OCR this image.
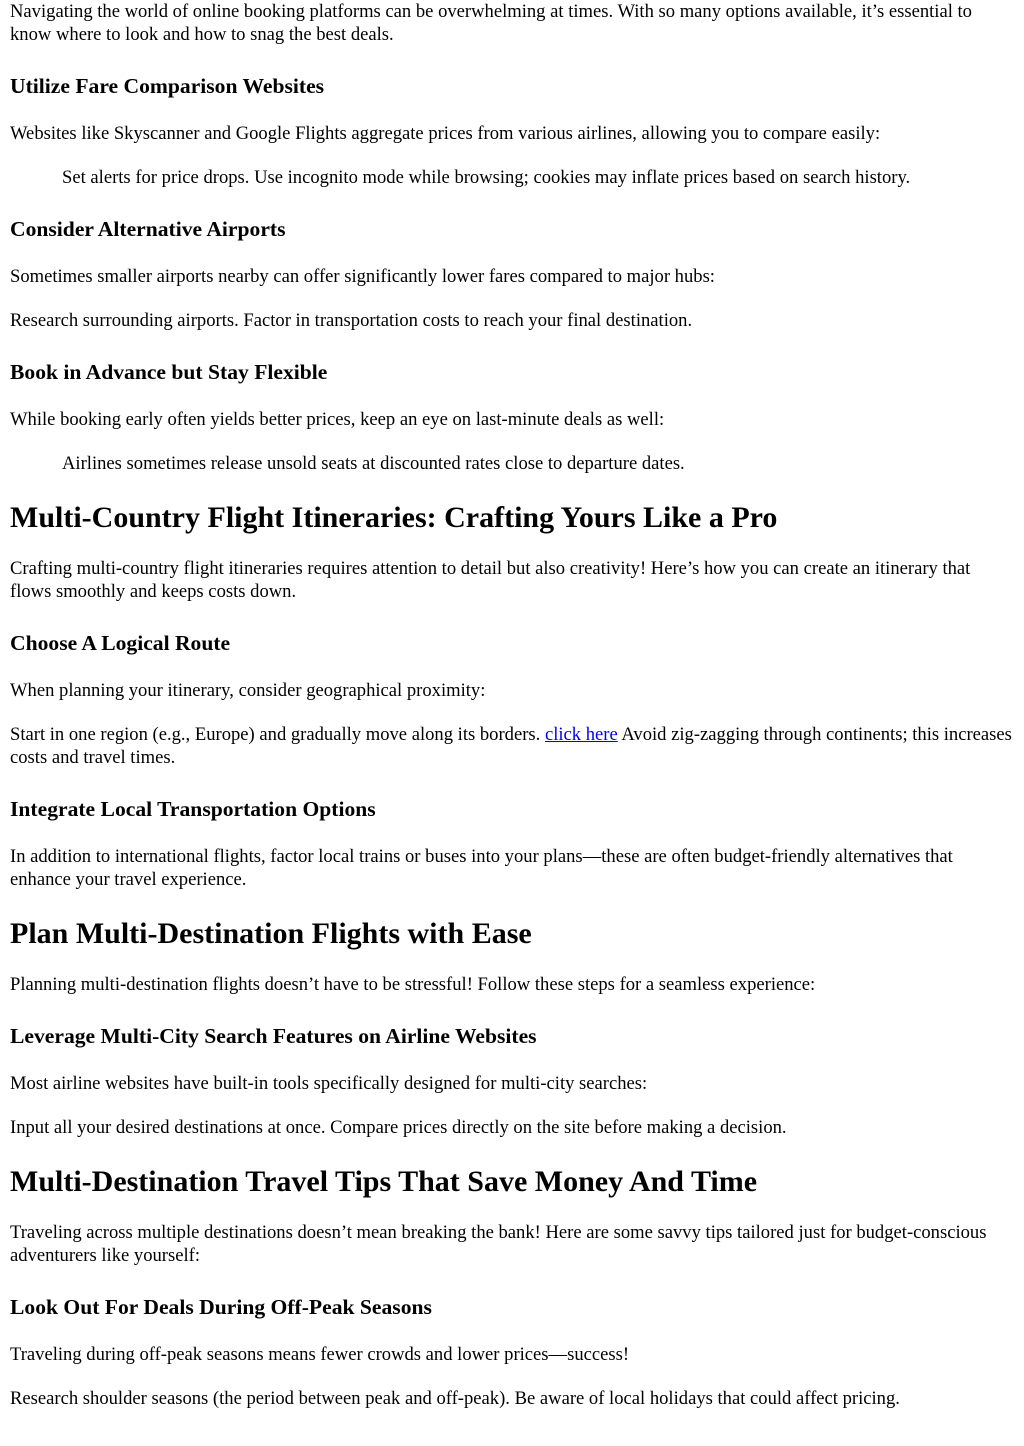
Navigating the world of online booking platforms can be overwhelming at times. With so many options available, it’s essential to know where to look and how to snag the best deals.

Utilize Fare Comparison Websites

Websites like Skyscanner and Google Flights aggregate prices from various airlines, allowing you to compare easily:

Set alerts for price drops. Use incognito mode while browsing; cookies may inflate prices based on search history.
Consider Alternative Airports

Sometimes smaller airports nearby can offer significantly lower fares compared to major hubs:

Research surrounding airports. Factor in transportation costs to reach your final destination.

Book in Advance but Stay Flexible

While booking early often yields better prices, keep an eye on last-minute deals as well:

Airlines sometimes release unsold seats at discounted rates close to departure dates.
Multi-Country Flight Itineraries: Crafting Yours Like a Pro

Crafting multi-country flight itineraries requires attention to detail but also creativity! Here’s how you can create an itinerary that flows smoothly and keeps costs down.

Choose A Logical Route

When planning your itinerary, consider geographical proximity:

Start in one region (e.g., Europe) and gradually move along its borders. click here Avoid zig-zagging through continents; this increases costs and travel times.

Integrate Local Transportation Options

In addition to international flights, factor local trains or buses into your plans—these are often budget-friendly alternatives that enhance your travel experience.

Plan Multi-Destination Flights with Ease

Planning multi-destination flights doesn’t have to be stressful! Follow these steps for a seamless experience:

Leverage Multi-City Search Features on Airline Websites

Most airline websites have built-in tools specifically designed for multi-city searches:

Input all your desired destinations at once. Compare prices directly on the site before making a decision.

Multi-Destination Travel Tips That Save Money And Time

Traveling across multiple destinations doesn’t mean breaking the bank! Here are some savvy tips tailored just for budget-conscious adventurers like yourself:

Look Out For Deals During Off-Peak Seasons

Traveling during off-peak seasons means fewer crowds and lower prices—success!

Research shoulder seasons (the period between peak and off-peak). Be aware of local holidays that could affect pricing.
